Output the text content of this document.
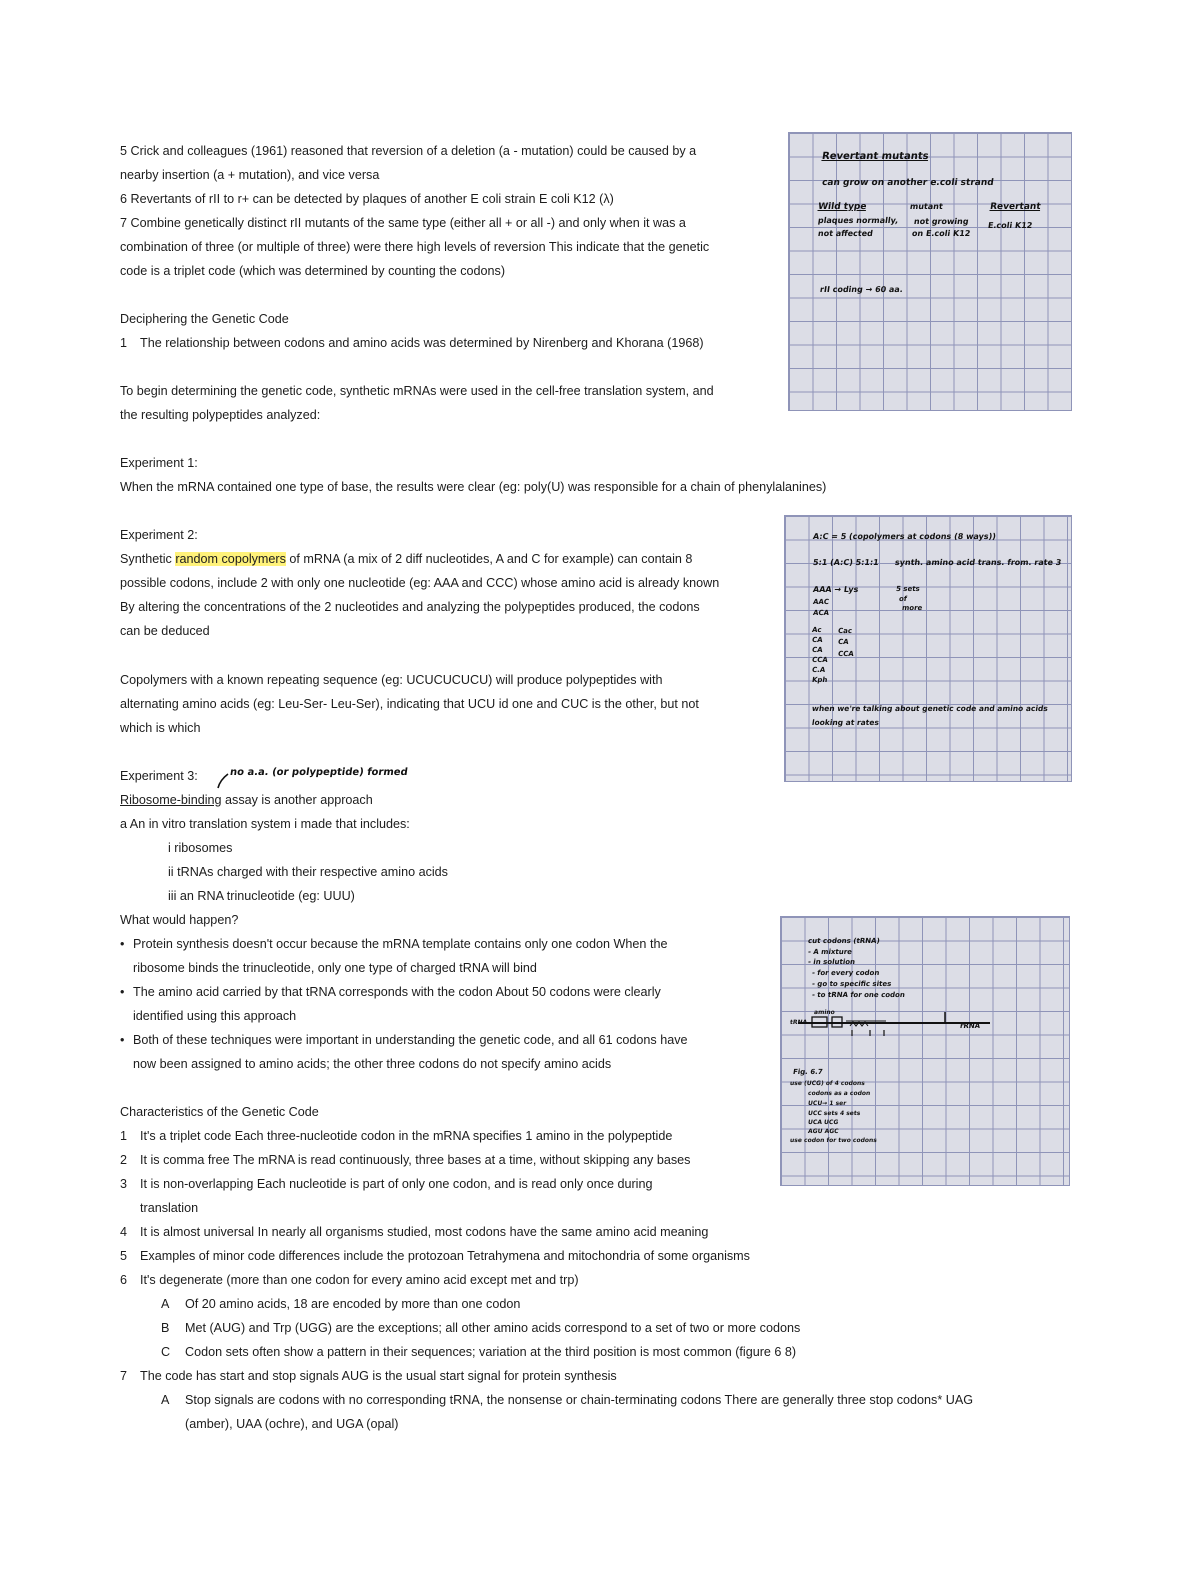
5 Crick and colleagues (1961) reasoned that reversion of a deletion (a - mutation) could be caused by a
nearby insertion (a + mutation), and vice versa
6 Revertants of rII to r+ can be detected by plaques of another E coli strain E coli K12 (λ)
7 Combine genetically distinct rII mutants of the same type (either all + or all -) and only when it was a
combination of three (or multiple of three) were there high levels of reversion This indicate that the genetic
code is a triplet code (which was determined by counting the codons)
Deciphering the Genetic Code
1 The relationship between codons and amino acids was determined by Nirenberg and Khorana (1968)
To begin determining the genetic code, synthetic mRNAs were used in the cell-free translation system, and
the resulting polypeptides analyzed:
Experiment 1:
When the mRNA contained one type of base, the results were clear (eg: poly(U) was responsible for a chain of phenylalanines)
Experiment 2:
Synthetic random copolymers of mRNA (a mix of 2 diff nucleotides, A and C for example) can contain 8
possible codons, include 2 with only one nucleotide (eg: AAA and CCC) whose amino acid is already known
By altering the concentrations of the 2 nucleotides and analyzing the polypeptides produced, the codons
can be deduced
Copolymers with a known repeating sequence (eg: UCUCUCUCU) will produce polypeptides with
alternating amino acids (eg: Leu-Ser- Leu-Ser), indicating that UCU id one and CUC is the other, but not
which is which
Experiment 3:	no a.a. (or polypeptide) formed
Ribosome-binding assay is another approach
a An in vitro translation system i made that includes:
i ribosomes
ii tRNAs charged with their respective amino acids
iii an RNA trinucleotide (eg: UUU)
What would happen?
• Protein synthesis doesn't occur because the mRNA template contains only one codon When the
ribosome binds the trinucleotide, only one type of charged tRNA will bind
• The amino acid carried by that tRNA corresponds with the codon About 50 codons were clearly
identified using this approach
• Both of these techniques were important in understanding the genetic code, and all 61 codons have
now been assigned to amino acids; the other three codons do not specify amino acids
Characteristics of the Genetic Code
1 It's a triplet code Each three-nucleotide codon in the mRNA specifies 1 amino in the polypeptide
2 It is comma free The mRNA is read continuously, three bases at a time, without skipping any bases
3 It is non-overlapping Each nucleotide is part of only one codon, and is read only once during
translation
4 It is almost universal In nearly all organisms studied, most codons have the same amino acid meaning
5 Examples of minor code differences include the protozoan Tetrahymena and mitochondria of some organisms
6 It's degenerate (more than one codon for every amino acid except met and trp)
A Of 20 amino acids, 18 are encoded by more than one codon
B Met (AUG) and Trp (UGG) are the exceptions; all other amino acids correspond to a set of two or more codons
C Codon sets often show a pattern in their sequences; variation at the third position is most common (figure 6 8)
7 The code has start and stop signals AUG is the usual start signal for protein synthesis
A Stop signals are codons with no corresponding tRNA, the nonsense or chain-terminating codons There are generally three stop codons* UAG
(amber), UAA (ochre), and UGA (opal)
Revertant mutants
can grow on another e.coli strand
Wild type
plaques normally,
not affected
mutant
not growing
on E.coli K12
Revertant
E.coli K12
rII coding → 60 aa.
A:C = 5 (copolymers at codons (8 ways))
5:1 (A:C) 5:1:1 synth. amino acid trans. from. rate 3
AAA → Lys
AAC
ACA
5 sets
of
more
Ac Cac
CA CA
CA CCA
CCA
C.A
Kph
when we're talking about genetic code and amino acids
looking at rates
cut codons (tRNA)
- A mixture
- in solution
- for every codon
- go to specific sites
- to tRNA for one codon
amino
tRNA	rRNA
Fig. 6.7
use (UCG) of 4 codons
codons as a codon
UCU→ 1 ser
UCC sets 4 sets
UCA UCG
AGU AGC
use codon for two codons
